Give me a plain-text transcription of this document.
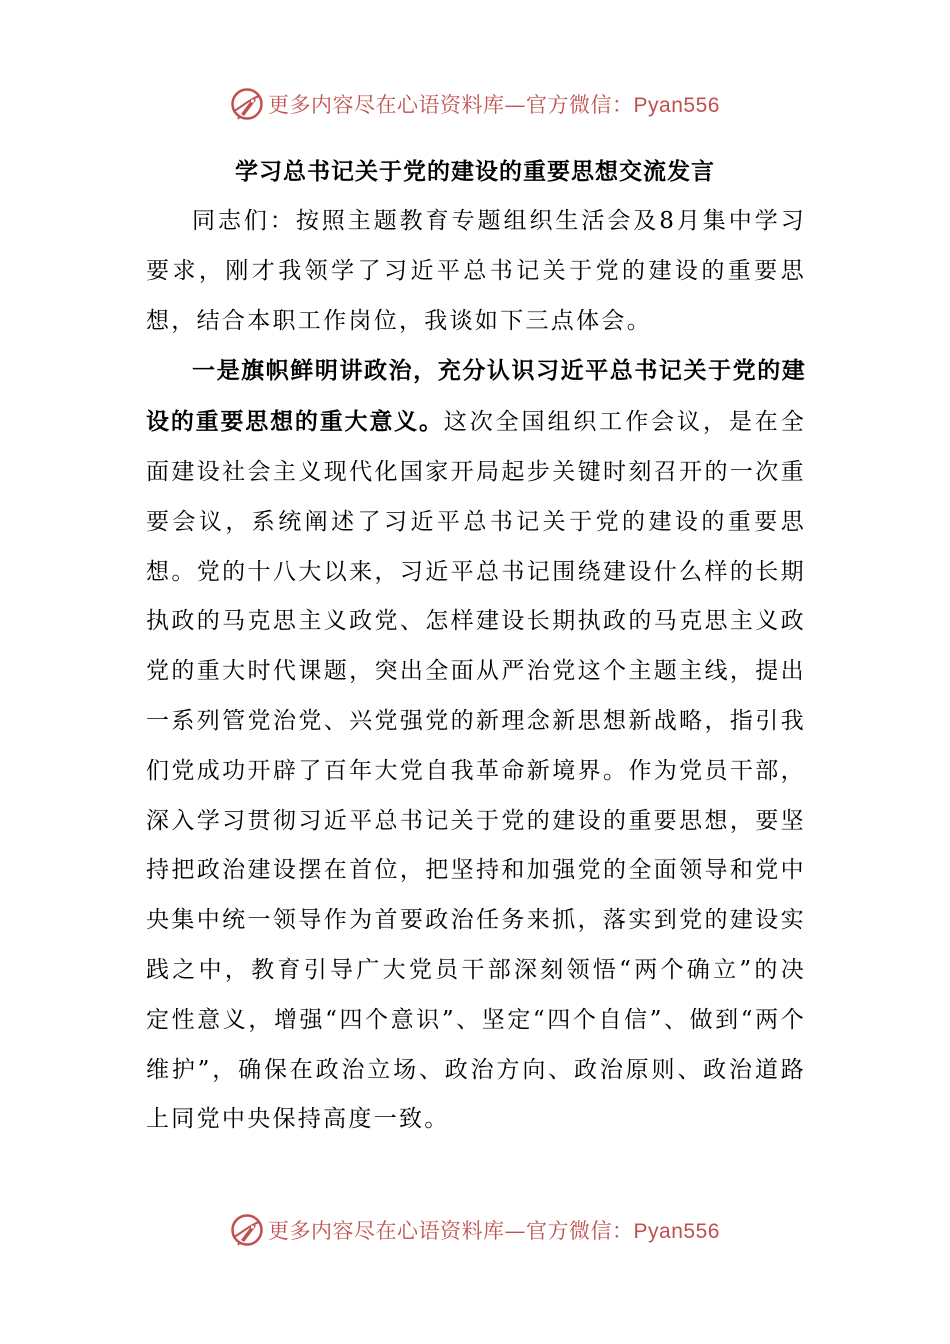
更多内容尽在心语资料库—官方微信：Pyan556
学习总书记关于党的建设的重要思想交流发言

同志们：按照主题教育专题组织生活会及8月集中学习要求，刚才我领学了习近平总书记关于党的建设的重要思想，结合本职工作岗位，我谈如下三点体会。

一是旗帜鲜明讲政治，充分认识习近平总书记关于党的建设的重要思想的重大意义。这次全国组织工作会议，是在全面建设社会主义现代化国家开局起步关键时刻召开的一次重要会议，系统阐述了习近平总书记关于党的建设的重要思想。党的十八大以来，习近平总书记围绕建设什么样的长期执政的马克思主义政党、怎样建设长期执政的马克思主义政党的重大时代课题，突出全面从严治党这个主题主线，提出一系列管党治党、兴党强党的新理念新思想新战略，指引我们党成功开辟了百年大党自我革命新境界。作为党员干部，深入学习贯彻习近平总书记关于党的建设的重要思想，要坚持把政治建设摆在首位，把坚持和加强党的全面领导和党中央集中统一领导作为首要政治任务来抓，落实到党的建设实践之中，教育引导广大党员干部深刻领悟“两个确立”的决定性意义，增强“四个意识”、坚定“四个自信”、做到“两个维护”，确保在政治立场、政治方向、政治原则、政治道路上同党中央保持高度一致。

更多内容尽在心语资料库—官方微信：Pyan556
